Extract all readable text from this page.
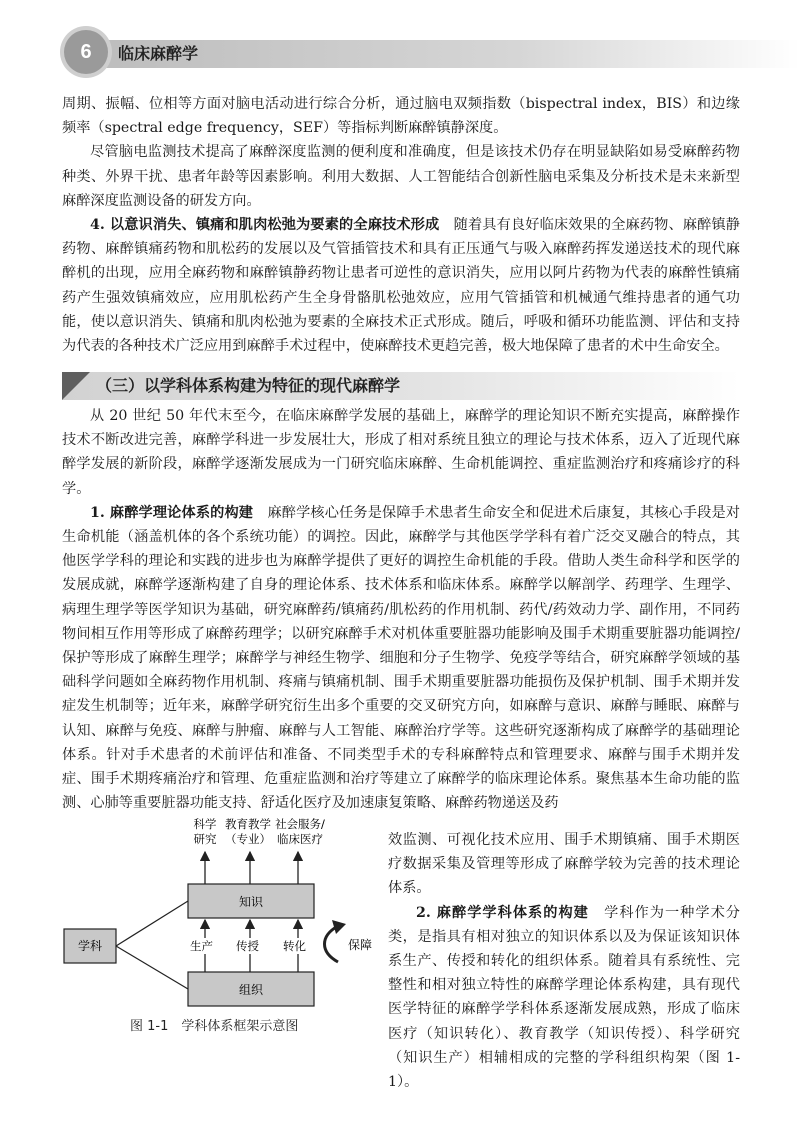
6	临床麻醉学

周期、振幅、位相等方面对脑电活动进行综合分析，通过脑电双频指数（bispectral index，BIS）和边缘频率（spectral edge frequency，SEF）等指标判断麻醉镇静深度。

尽管脑电监测技术提高了麻醉深度监测的便利度和准确度，但是该技术仍存在明显缺陷如易受麻醉药物种类、外界干扰、患者年龄等因素影响。利用大数据、人工智能结合创新性脑电采集及分析技术是未来新型麻醉深度监测设备的研发方向。

4. 以意识消失、镇痛和肌肉松弛为要素的全麻技术形成　 随着具有良好临床效果的全麻药物、麻醉镇静药物、麻醉镇痛药物和肌松药的发展以及气管插管技术和具有正压通气与吸入麻醉药挥发递送技术的现代麻醉机的出现，应用全麻药物和麻醉镇静药物让患者可逆性的意识消失，应用以阿片药物为代表的麻醉性镇痛药产生强效镇痛效应，应用肌松药产生全身骨骼肌松弛效应，应用气管插管和机械通气维持患者的通气功能，使以意识消失、镇痛和肌肉松弛为要素的全麻技术正式形成。随后，呼吸和循环功能监测、评估和支持为代表的各种技术广泛应用到麻醉手术过程中，使麻醉技术更趋完善，极大地保障了患者的术中生命安全。

（三）以学科体系构建为特征的现代麻醉学

从 20 世纪 50 年代末至今，在临床麻醉学发展的基础上，麻醉学的理论知识不断充实提高，麻醉操作技术不断改进完善，麻醉学科进一步发展壮大，形成了相对系统且独立的理论与技术体系，迈入了近现代麻醉学发展的新阶段，麻醉学逐渐发展成为一门研究临床麻醉、生命机能调控、重症监测治疗和疼痛诊疗的科学。

1. 麻醉学理论体系的构建　 麻醉学核心任务是保障手术患者生命安全和促进术后康复，其核心手段是对生命机能（涵盖机体的各个系统功能）的调控。因此，麻醉学与其他医学学科有着广泛交叉融合的特点，其他医学学科的理论和实践的进步也为麻醉学提供了更好的调控生命机能的手段。借助人类生命科学和医学的发展成就，麻醉学逐渐构建了自身的理论体系、技术体系和临床体系。麻醉学以解剖学、药理学、生理学、病理生理学等医学知识为基础，研究麻醉药/镇痛药/肌松药的作用机制、药代/药效动力学、副作用，不同药物间相互作用等形成了麻醉药理学；以研究麻醉手术对机体重要脏器功能影响及围手术期重要脏器功能调控/保护等形成了麻醉生理学；麻醉学与神经生物学、细胞和分子生物学、免疫学等结合，研究麻醉学领域的基础科学问题如全麻药物作用机制、疼痛与镇痛机制、围手术期重要脏器功能损伤及保护机制、围手术期并发症发生机制等；近年来，麻醉学研究衍生出多个重要的交叉研究方向，如麻醉与意识、麻醉与睡眠、麻醉与认知、麻醉与免疫、麻醉与肿瘤、麻醉与人工智能、麻醉治疗学等。这些研究逐渐构成了麻醉学的基础理论体系。针对手术患者的术前评估和准备、不同类型手术的专科麻醉特点和管理要求、麻醉与围手术期并发症、围手术期疼痛治疗和管理、危重症监测和治疗等建立了麻醉学的临床理论体系。聚焦基本生命功能的监测、心肺等重要脏器功能支持、舒适化医疗及加速康复策略、麻醉药物递送及药

科学
研究
教育教学
（专业）
社会服务/
临床医疗
知识
组织
学科	生产 传授 转化	保障
图 1-1　学科体系框架示意图

效监测、可视化技术应用、围手术期镇痛、围手术期医疗数据采集及管理等形成了麻醉学较为完善的技术理论体系。

2. 麻醉学学科体系的构建　 学科作为一种学术分类，是指具有相对独立的知识体系以及为保证该知识体系生产、传授和转化的组织体系。随着具有系统性、完整性和相对独立特性的麻醉学理论体系构建，具有现代医学特征的麻醉学学科体系逐渐发展成熟，形成了临床医疗（知识转化）、教育教学（知识传授）、科学研究（知识生产）相辅相成的完整的学科组织构架（图 1-1）。
